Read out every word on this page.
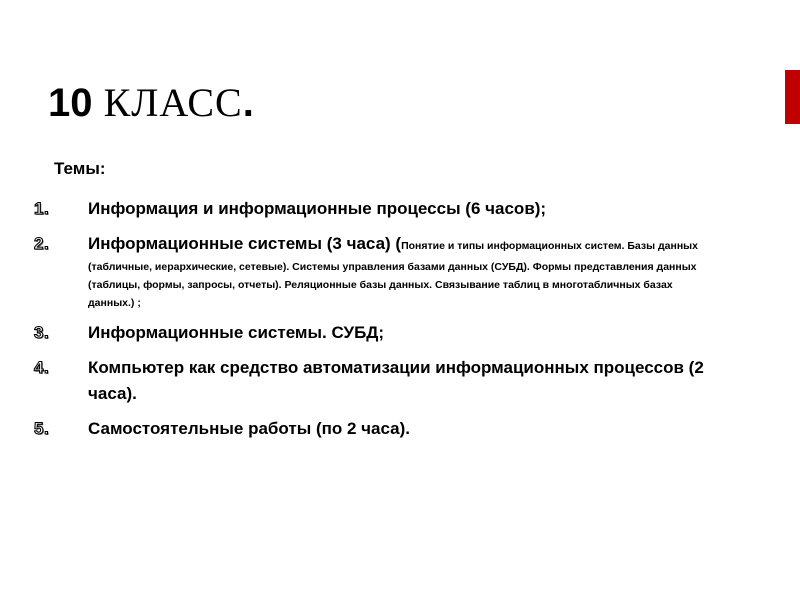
10 КЛАСС.
Темы:
1.	Информация и информационные процессы (6 часов);
2.	Информационные системы (3 часа) (Понятие и типы информационных систем. Базы данных (табличные, иерархические, сетевые). Системы управления базами данных (СУБД). Формы представления данных (таблицы, формы, запросы, отчеты). Реляционные базы данных. Связывание таблиц в многотабличных базах данных.) ;
3.	Информационные системы. СУБД;
4.	Компьютер как средство автоматизации информационных процессов (2 часа).
5.	Самостоятельные работы (по 2 часа).
